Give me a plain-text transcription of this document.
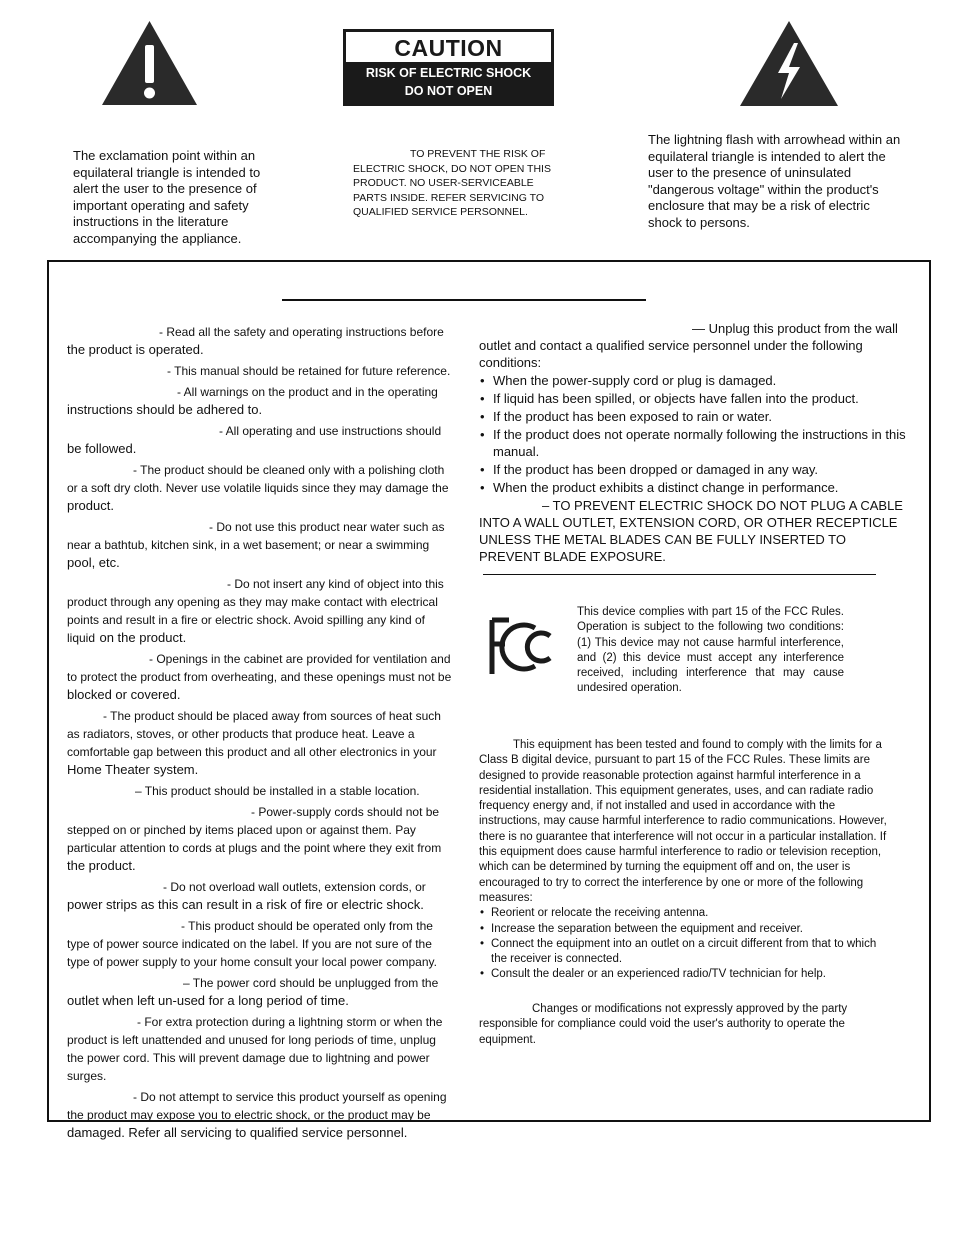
CAUTION
RISK OF ELECTRIC SHOCK
DO NOT OPEN
The exclamation point within an equilateral triangle is intended to alert the user to the presence of important operating and safety instructions in the literature accompanying the appliance.
TO PREVENT THE RISK OF ELECTRIC SHOCK, DO NOT OPEN THIS PRODUCT. NO USER-SERVICEABLE PARTS INSIDE. REFER SERVICING TO QUALIFIED SERVICE PERSONNEL.
The lightning flash with arrowhead within an equilateral triangle is intended to alert the user to the presence of uninsulated "dangerous voltage" within the product's enclosure that may be a risk of electric shock to persons.
- Read all the safety and operating instructions before the product is operated.
- This manual should be retained for future reference.
- All warnings on the product and in the operating instructions should be adhered to.
- All operating and use instructions should be followed.
- The product should be cleaned only with a polishing cloth or a soft dry cloth. Never use volatile liquids since they may damage the product.
- Do not use this product near water such as near a bathtub, kitchen sink, in a wet basement; or near a swimming pool, etc.
- Do not insert any kind of object into this product through any opening as they may make contact with electrical points and result in a fire or electric shock. Avoid spilling any kind of liquid on the product.
- Openings in the cabinet are provided for ventilation and to protect the product from overheating, and these openings must not be blocked or covered.
- The product should be placed away from sources of heat such as radiators, stoves, or other products that produce heat. Leave a comfortable gap between this product and all other electronics in your Home Theater system.
– This product should be installed in a stable location.
- Power-supply cords should not be stepped on or pinched by items placed upon or against them. Pay particular attention to cords at plugs and the point where they exit from the product.
- Do not overload wall outlets, extension cords, or power strips as this can result in a risk of fire or electric shock.
- This product should be operated only from the type of power source indicated on the label. If you are not sure of the type of power supply to your home consult your local power company.
– The power cord should be unplugged from the outlet when left un-used for a long period of time.
- For extra protection during a lightning storm or when the product is left unattended and unused for long periods of time, unplug the power cord. This will prevent damage due to lightning and power surges.
- Do not attempt to service this product yourself as opening the product may expose you to electric shock, or the product may be damaged. Refer all servicing to qualified service personnel.
— Unplug this product from the wall outlet and contact a qualified service personnel under the following conditions:
• When the power-supply cord or plug is damaged.
• If liquid has been spilled, or objects have fallen into the product.
• If the product has been exposed to rain or water.
• If the product does not operate normally following the instructions in this manual.
• If the product has been dropped or damaged in any way.
• When the product exhibits a distinct change in performance.
– TO PREVENT ELECTRIC SHOCK DO NOT PLUG A CABLE INTO A WALL OUTLET, EXTENSION CORD, OR OTHER RECEPTICLE UNLESS THE METAL BLADES CAN BE FULLY INSERTED TO PREVENT BLADE EXPOSURE.
This device complies with part 15 of the FCC Rules. Operation is subject to the following two conditions: (1) This device may not cause harmful interference, and (2) this device must accept any interference received, including interference that may cause undesired operation.
This equipment has been tested and found to comply with the limits for a Class B digital device, pursuant to part 15 of the FCC Rules. These limits are designed to provide reasonable protection against harmful interference in a residential installation. This equipment generates, uses, and can radiate radio frequency energy and, if not installed and used in accordance with the instructions, may cause harmful interference to radio communications. However, there is no guarantee that interference will not occur in a particular installation. If this equipment does cause harmful interference to radio or television reception, which can be determined by turning the equipment off and on, the user is encouraged to try to correct the interference by one or more of the following measures:
• Reorient or relocate the receiving antenna.
• Increase the separation between the equipment and receiver.
• Connect the equipment into an outlet on a circuit different from that to which the receiver is connected.
• Consult the dealer or an experienced radio/TV technician for help.
Changes or modifications not expressly approved by the party responsible for compliance could void the user's authority to operate the equipment.
